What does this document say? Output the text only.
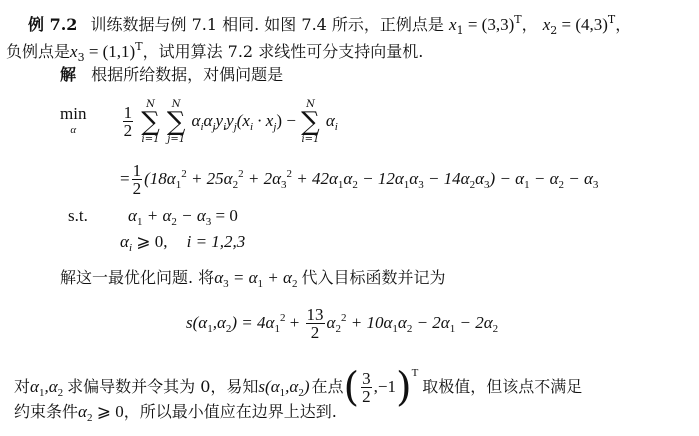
例 7.2 训练数据与例 7.1 相同. 如图 7.4 所示，正例点是 $x_1 = (3,3)^T$， $x_2 = (4,3)^T$，
负例点是$x_3 = (1,1)^T$，试用算法 7.2 求线性可分支持向量机.
解 根据所给数据，对偶问题是
min
α
	$\frac{1}{2}$
	N
∑
i=1

N
∑
j=1
$\alpha_i\alpha_jy_iy_j(x_i \cdot x_j)$ −
N
∑
i=1
$\alpha_i$
= $\frac{1}{2} (18\alpha_1^2 + 25\alpha_2^2 + 2\alpha_3^2 + 42\alpha_1\alpha_2 - 12\alpha_1\alpha_3 - 14\alpha_2\alpha_3) - \alpha_1 - \alpha_2 - \alpha_3$
s.t. $\alpha_1 + \alpha_2 - \alpha_3 = 0$
$\alpha_i$ ⩾ 0, i = 1,2,3
解这一最优化问题. 将$\alpha_3 = \alpha_1 + \alpha_2$ 代入目标函数并记为
$s(\alpha_1,\alpha_2) = 4\alpha_1^2 + \frac{13}{2} \alpha_2^2 + 10\alpha_1\alpha_2 - 2\alpha_1 - 2\alpha_2$
对$\alpha_1,\alpha_2$ 求偏导数并令其为 0，易知$s(\alpha_1,\alpha_2)$ 在点( $\frac{3}{2} ,-1)^T$取极值，但该点不满足
约束条件$\alpha_2$ ⩾ 0，所以最小值应在边界上达到.
